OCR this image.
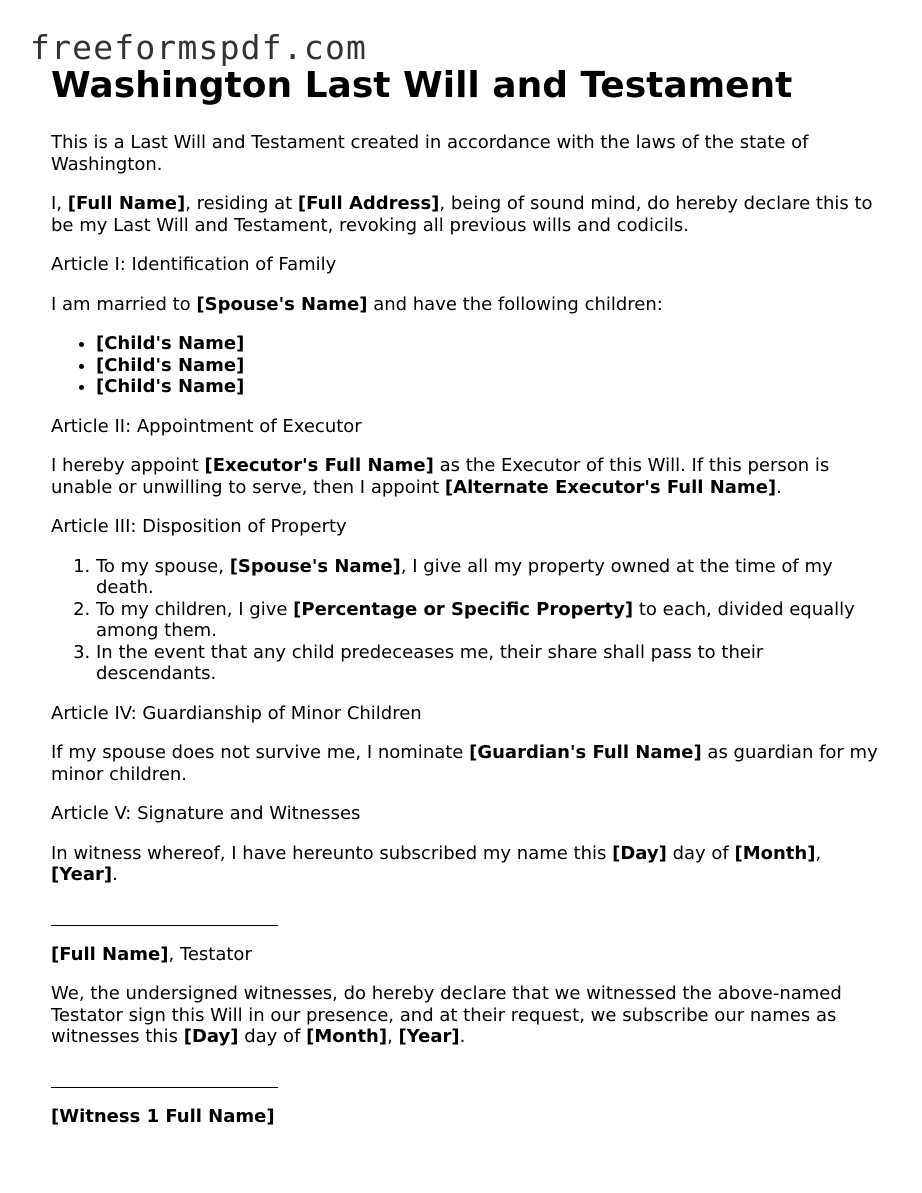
freeformspdf.com
Washington Last Will and Testament

This is a Last Will and Testament created in accordance with the laws of the state of Washington.

I, [Full Name], residing at [Full Address], being of sound mind, do hereby declare this to be my Last Will and Testament, revoking all previous wills and codicils.

Article I: Identification of Family

I am married to [Spouse's Name] and have the following children:

• [Child's Name]
• [Child's Name]
• [Child's Name]

Article II: Appointment of Executor

I hereby appoint [Executor's Full Name] as the Executor of this Will. If this person is unable or unwilling to serve, then I appoint [Alternate Executor's Full Name].

Article III: Disposition of Property

1. To my spouse, [Spouse's Name], I give all my property owned at the time of my death.
2. To my children, I give [Percentage or Specific Property] to each, divided equally among them.
3. In the event that any child predeceases me, their share shall pass to their descendants.

Article IV: Guardianship of Minor Children

If my spouse does not survive me, I nominate [Guardian's Full Name] as guardian for my minor children.

Article V: Signature and Witnesses

In witness whereof, I have hereunto subscribed my name this [Day] day of [Month], [Year].

[Full Name], Testator

We, the undersigned witnesses, do hereby declare that we witnessed the above-named Testator sign this Will in our presence, and at their request, we subscribe our names as witnesses this [Day] day of [Month], [Year].

[Witness 1 Full Name]
